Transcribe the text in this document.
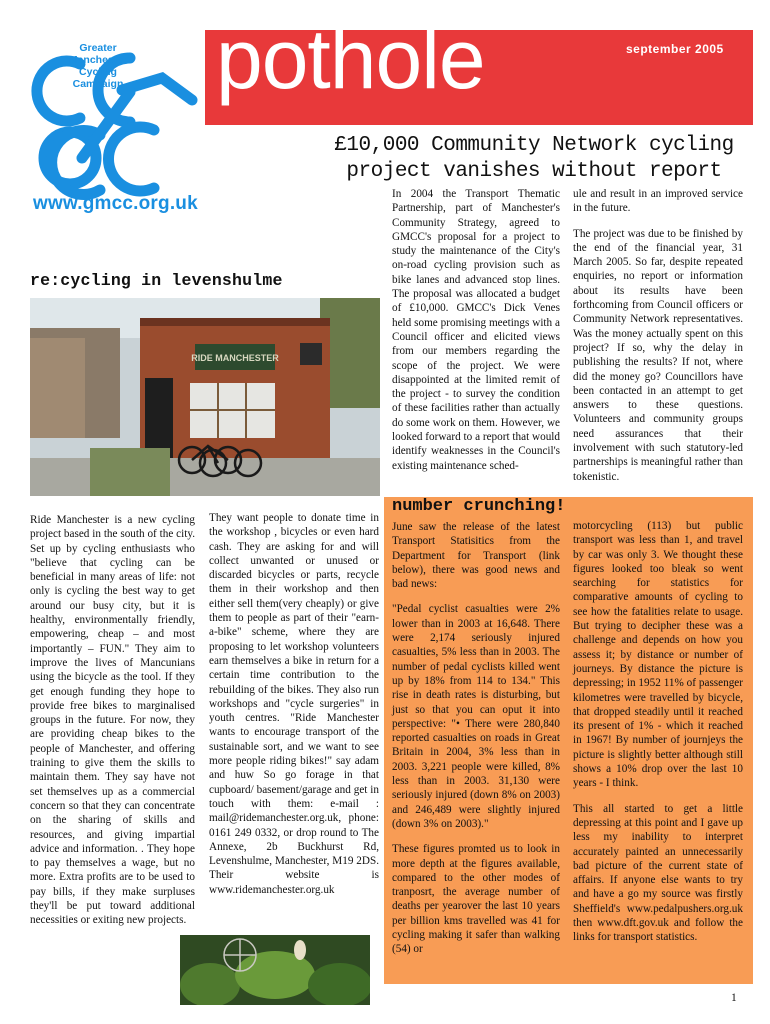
Greater
Manchester
Cycling
Campaign
www.gmcc.org.uk
pothole	september 2005
£10,000 Community Network cycling
project vanishes without report

In 2004 the Transport Thematic Partnership, part of Manchester's Community Strategy, agreed to GMCC's proposal for a project to study the maintenance of the City's on-road cycling provision such as bike lanes and advanced stop lines. The proposal was allocated a budget of £10,000. GMCC's Dick Venes held some promising meetings with a Council officer and elicited views from our members regarding the scope of the project. We were disappointed at the limited remit of the project - to survey the condition of these facilities rather than actually do some work on them. However, we looked forward to a report that would identify weaknesses in the Council's existing maintenance sched-

ule and result in an improved service in the future.

The project was due to be finished by the end of the financial year, 31 March 2005. So far, despite repeated enquiries, no report or information about its results have been forthcoming from Council officers or Community Network representatives. Was the money actually spent on this project? If so, why the delay in publishing the results? If not, where did the money go? Councillors have been contacted in an attempt to get answers to these questions. Volunteers and community groups need assurances that their involvement with such statutory-led partnerships is meaningful rather than tokenistic.

re:cycling in levenshulme
RIDE MANCHESTER

Ride Manchester is a new cycling project based in the south of the city. Set up by cycling enthusiasts who "believe that cycling can be beneficial in many areas of life: not only is cycling the best way to get around our busy city, but it is healthy, environmentally friendly, empowering, cheap – and most importantly – FUN." They aim to improve the lives of Mancunians using the bicycle as the tool. If they get enough funding they hope to provide free bikes to marginalised groups in the future. For now, they are providing cheap bikes to the people of Manchester, and offering training to give them the skills to maintain them. They say have not set themselves up as a commercial concern so that they can concentrate on the sharing of skills and resources, and giving impartial advice and information. . They hope to pay themselves a wage, but no more. Extra profits are to be used to pay bills, if they make surpluses they'll be put toward additional necessities or exiting new projects.

They want people to donate time in the workshop , bicycles or even hard cash. They are asking for and will collect unwanted or unused or discarded bicycles or parts, recycle them in their workshop and then either sell them(very cheaply) or give them to people as part of their "earn-a-bike" scheme, where they are proposing to let workshop volunteers earn themselves a bike in return for a certain time contribution to the rebuilding of the bikes. They also run workshops and "cycle surgeries" in youth centres. "Ride Manchester wants to encourage transport of the sustainable sort, and we want to see more people riding bikes!" say adam and huw So go forage in that cupboard/ basement/garage and get in touch with them: e-mail : mail@ridemanchester.org.uk, phone: 0161 249 0332, or drop round to The Annexe, 2b Buckhurst Rd, Levenshulme, Manchester, M19 2DS. Their website is www.ridemanchester.org.uk

number crunching!

June saw the release of the latest Transport Statisitics from the Department for Transport (link below), there was good news and bad news:

"Pedal cyclist casualties were 2% lower than in 2003 at 16,648. There were 2,174 seriously injured casualties, 5% less than in 2003. The number of pedal cyclists killed went up by 18% from 114 to 134." This rise in death rates is disturbing, but just so that you can oput it into perspective: "• There were 280,840 reported casualties on roads in Great Britain in 2004, 3% less than in 2003. 3,221 people were killed, 8% less than in 2003. 31,130 were seriously injured (down 8% on 2003) and 246,489 were slightly injured (down 3% on 2003)."

These figures promted us to look in more depth at the figures available, compared to the other modes of tranposrt, the average number of deaths per yearover the last 10 years per billion kms travelled was 41 for cycling making it safer than walking (54) or

motorcycling (113) but public transport was less than 1, and travel by car was only 3. We thought these figures looked too bleak so went searching for statistics for comparative amounts of cycling to see how the fatalities relate to usage. But trying to decipher these was a challenge and depends on how you assess it; by distance or number of journeys. By distance the picture is depressing; in 1952 11% of passenger kilometres were travelled by bicycle, that dropped steadily until it reached its present of 1% - which it reached in 1967! By number of journjeys the picture is slightly better although still shows a 10% drop over the last 10 years - I think.

This all started to get a little depressing at this point and I gave up less my inability to interpret accurately painted an unnecessarily bad picture of the current state of affairs. If anyone else wants to try and have a go my source was firstly Sheffield's www.pedalpushers.org.uk then www.dft.gov.uk and follow the links for transport statistics.

1
